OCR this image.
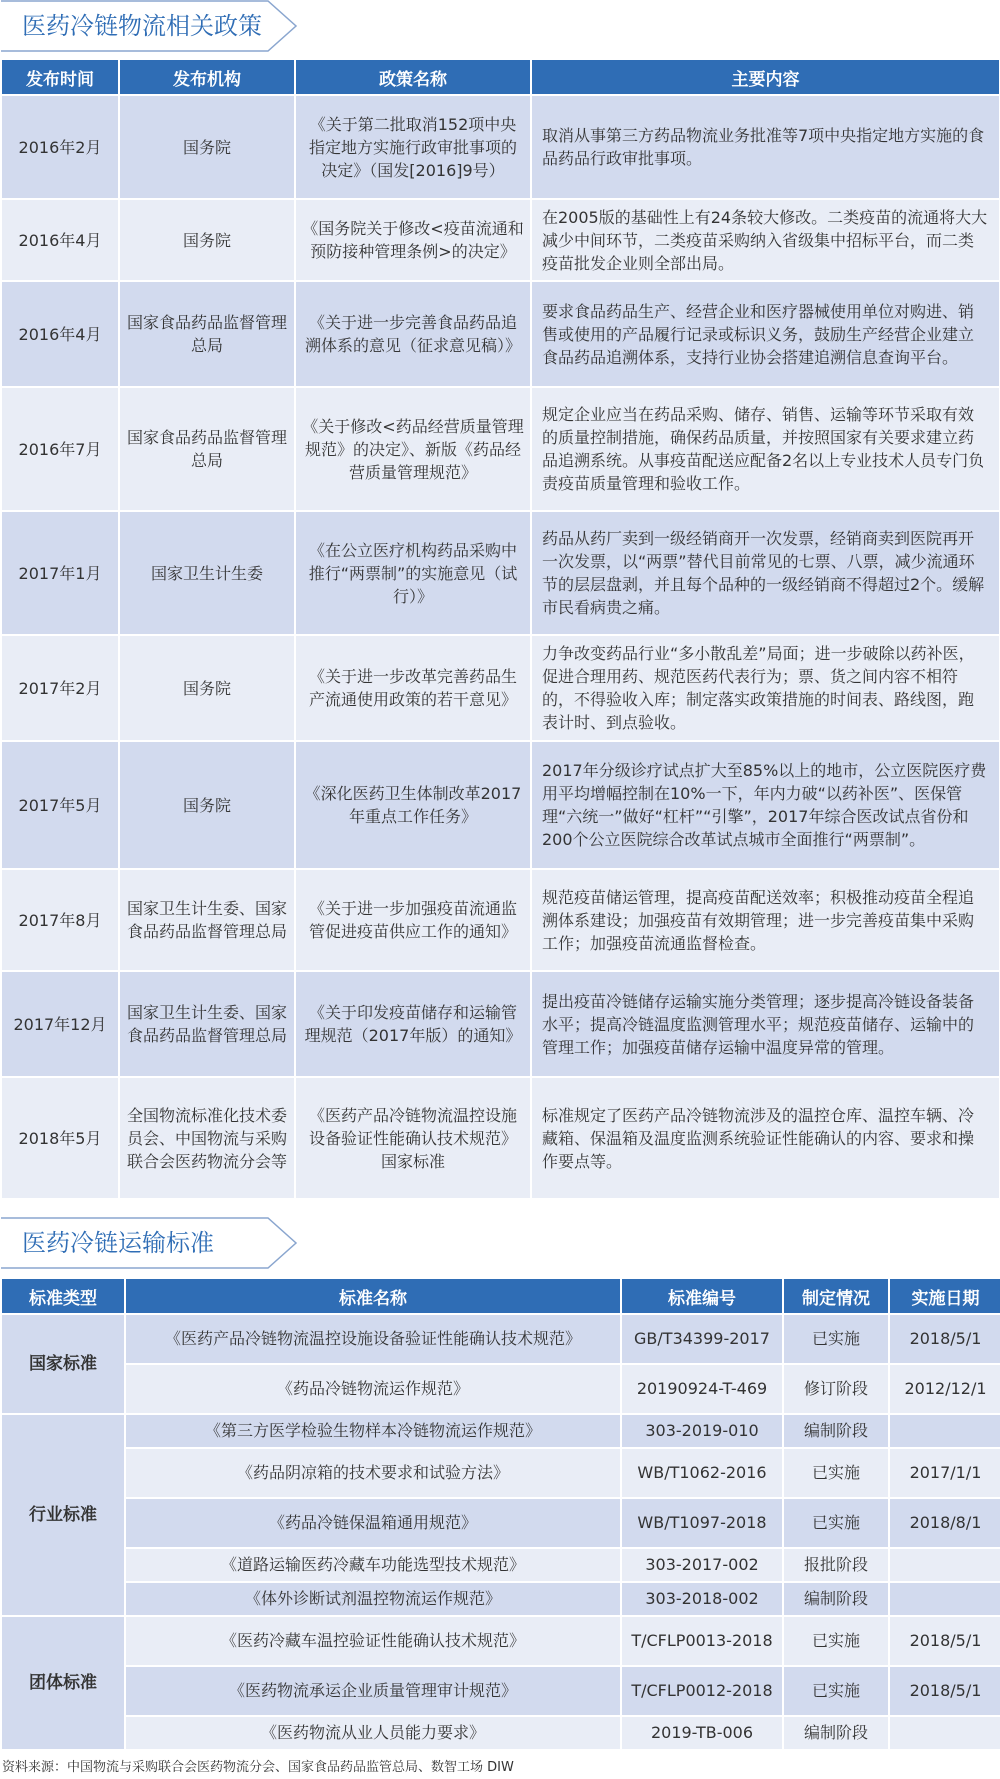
医药冷链物流相关政策
发布时间	发布机构	政策名称	主要内容
2016年2月	国务院	《关于第二批取消152项中央指定地方实施行政审批事项的决定》（国发[2016]9号）	取消从事第三方药品物流业务批准等7项中央指定地方实施的食品药品行政审批事项。
2016年4月	国务院	《国务院关于修改<疫苗流通和预防接种管理条例>的决定》	在2005版的基础性上有24条较大修改。二类疫苗的流通将大大减少中间环节，二类疫苗采购纳入省级集中招标平台，而二类疫苗批发企业则全部出局。
2016年4月	国家食品药品监督管理总局	《关于进一步完善食品药品追溯体系的意见（征求意见稿）》	要求食品药品生产、经营企业和医疗器械使用单位对购进、销售或使用的产品履行记录或标识义务，鼓励生产经营企业建立食品药品追溯体系，支持行业协会搭建追溯信息查询平台。
2016年7月	国家食品药品监督管理总局	《关于修改<药品经营质量管理规范》的决定》、新版《药品经营质量管理规范》	规定企业应当在药品采购、储存、销售、运输等环节采取有效的质量控制措施，确保药品质量，并按照国家有关要求建立药品追溯系统。从事疫苗配送应配备2名以上专业技术人员专门负责疫苗质量管理和验收工作。
2017年1月	国家卫生计生委	《在公立医疗机构药品采购中推行“两票制”的实施意见（试行）》	药品从药厂卖到一级经销商开一次发票，经销商卖到医院再开一次发票，以“两票”替代目前常见的七票、八票，减少流通环节的层层盘剥，并且每个品种的一级经销商不得超过2个。缓解市民看病贵之痛。
2017年2月	国务院	《关于进一步改革完善药品生产流通使用政策的若干意见》	力争改变药品行业“多小散乱差”局面；进一步破除以药补医，促进合理用药、规范医药代表行为；票、货之间内容不相符的，不得验收入库；制定落实政策措施的时间表、路线图，跑表计时、到点验收。
2017年5月	国务院	《深化医药卫生体制改革2017年重点工作任务》	2017年分级诊疗试点扩大至85%以上的地市，公立医院医疗费用平均增幅控制在10%一下，年内力破“以药补医”、医保管理“六统一”做好“杠杆”“引擎”，2017年综合医改试点省份和200个公立医院综合改革试点城市全面推行“两票制”。
2017年8月	国家卫生计生委、国家食品药品监督管理总局	《关于进一步加强疫苗流通监管促进疫苗供应工作的通知》	规范疫苗储运管理，提高疫苗配送效率；积极推动疫苗全程追溯体系建设；加强疫苗有效期管理；进一步完善疫苗集中采购工作；加强疫苗流通监督检查。
2017年12月	国家卫生计生委、国家食品药品监督管理总局	《关于印发疫苗储存和运输管理规范（2017年版）的通知》	提出疫苗冷链储存运输实施分类管理；逐步提高冷链设备装备水平；提高冷链温度监测管理水平；规范疫苗储存、运输中的管理工作；加强疫苗储存运输中温度异常的管理。
2018年5月	全国物流标准化技术委员会、中国物流与采购联合会医药物流分会等	《医药产品冷链物流温控设施设备验证性能确认技术规范》国家标准	标准规定了医药产品冷链物流涉及的温控仓库、温控车辆、冷藏箱、保温箱及温度监测系统验证性能确认的内容、要求和操作要点等。
医药冷链运输标准
标准类型	标准名称	标准编号	制定情况	实施日期
国家标准	《医药产品冷链物流温控设施设备验证性能确认技术规范》	GB/T34399-2017	已实施	2018/5/1
	《药品冷链物流运作规范》	20190924-T-469	修订阶段	2012/12/1
行业标准	《第三方医学检验生物样本冷链物流运作规范》	303-2019-010	编制阶段	
	《药品阴凉箱的技术要求和试验方法》	WB/T1062-2016	已实施	2017/1/1
	《药品冷链保温箱通用规范》	WB/T1097-2018	已实施	2018/8/1
	《道路运输医药冷藏车功能选型技术规范》	303-2017-002	报批阶段	
	《体外诊断试剂温控物流运作规范》	303-2018-002	编制阶段	
团体标准	《医药冷藏车温控验证性能确认技术规范》	T/CFLP0013-2018	已实施	2018/5/1
	《医药物流承运企业质量管理审计规范》	T/CFLP0012-2018	已实施	2018/5/1
	《医药物流从业人员能力要求》	2019-TB-006	编制阶段	
资料来源：中国物流与采购联合会医药物流分会、国家食品药品监管总局、数智工场 DIW
